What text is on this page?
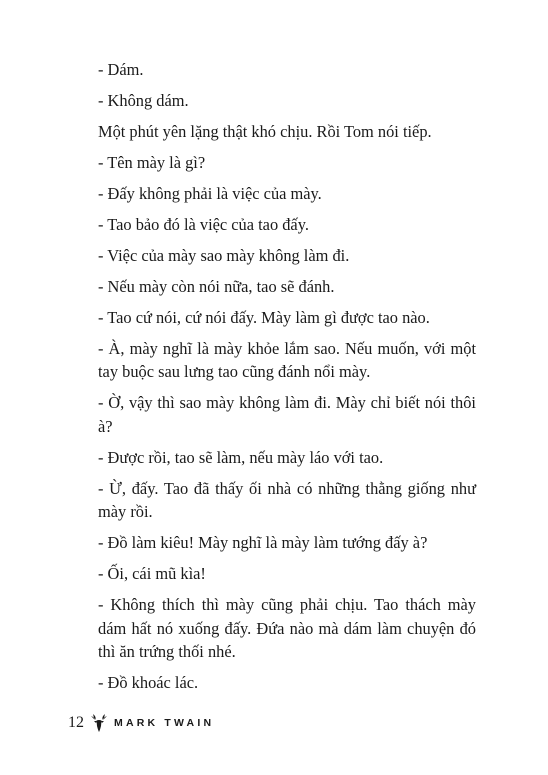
- Dám.

- Không dám.

Một phút yên lặng thật khó chịu. Rồi Tom nói tiếp.

- Tên mày là gì?

- Đấy không phải là việc của mày.

- Tao bảo đó là việc của tao đấy.

- Việc của mày sao mày không làm đi.

- Nếu mày còn nói nữa, tao sẽ đánh.

- Tao cứ nói, cứ nói đấy. Mày làm gì được tao nào.

- À, mày nghĩ là mày khỏe lắm sao. Nếu muốn, với một tay buộc sau lưng tao cũng đánh nổi mày.

- Ờ, vậy thì sao mày không làm đi. Mày chỉ biết nói thôi à?

- Được rồi, tao sẽ làm, nếu mày láo với tao.

- Ừ, đấy. Tao đã thấy ối nhà có những thằng giống như mày rồi.

- Đồ làm kiêu! Mày nghĩ là mày làm tướng đấy à?

- Ối, cái mũ kìa!

- Không thích thì mày cũng phải chịu. Tao thách mày dám hất nó xuống đấy. Đứa nào mà dám làm chuyện đó thì ăn trứng thối nhé.

- Đồ khoác lác.

12	MARK TWAIN
